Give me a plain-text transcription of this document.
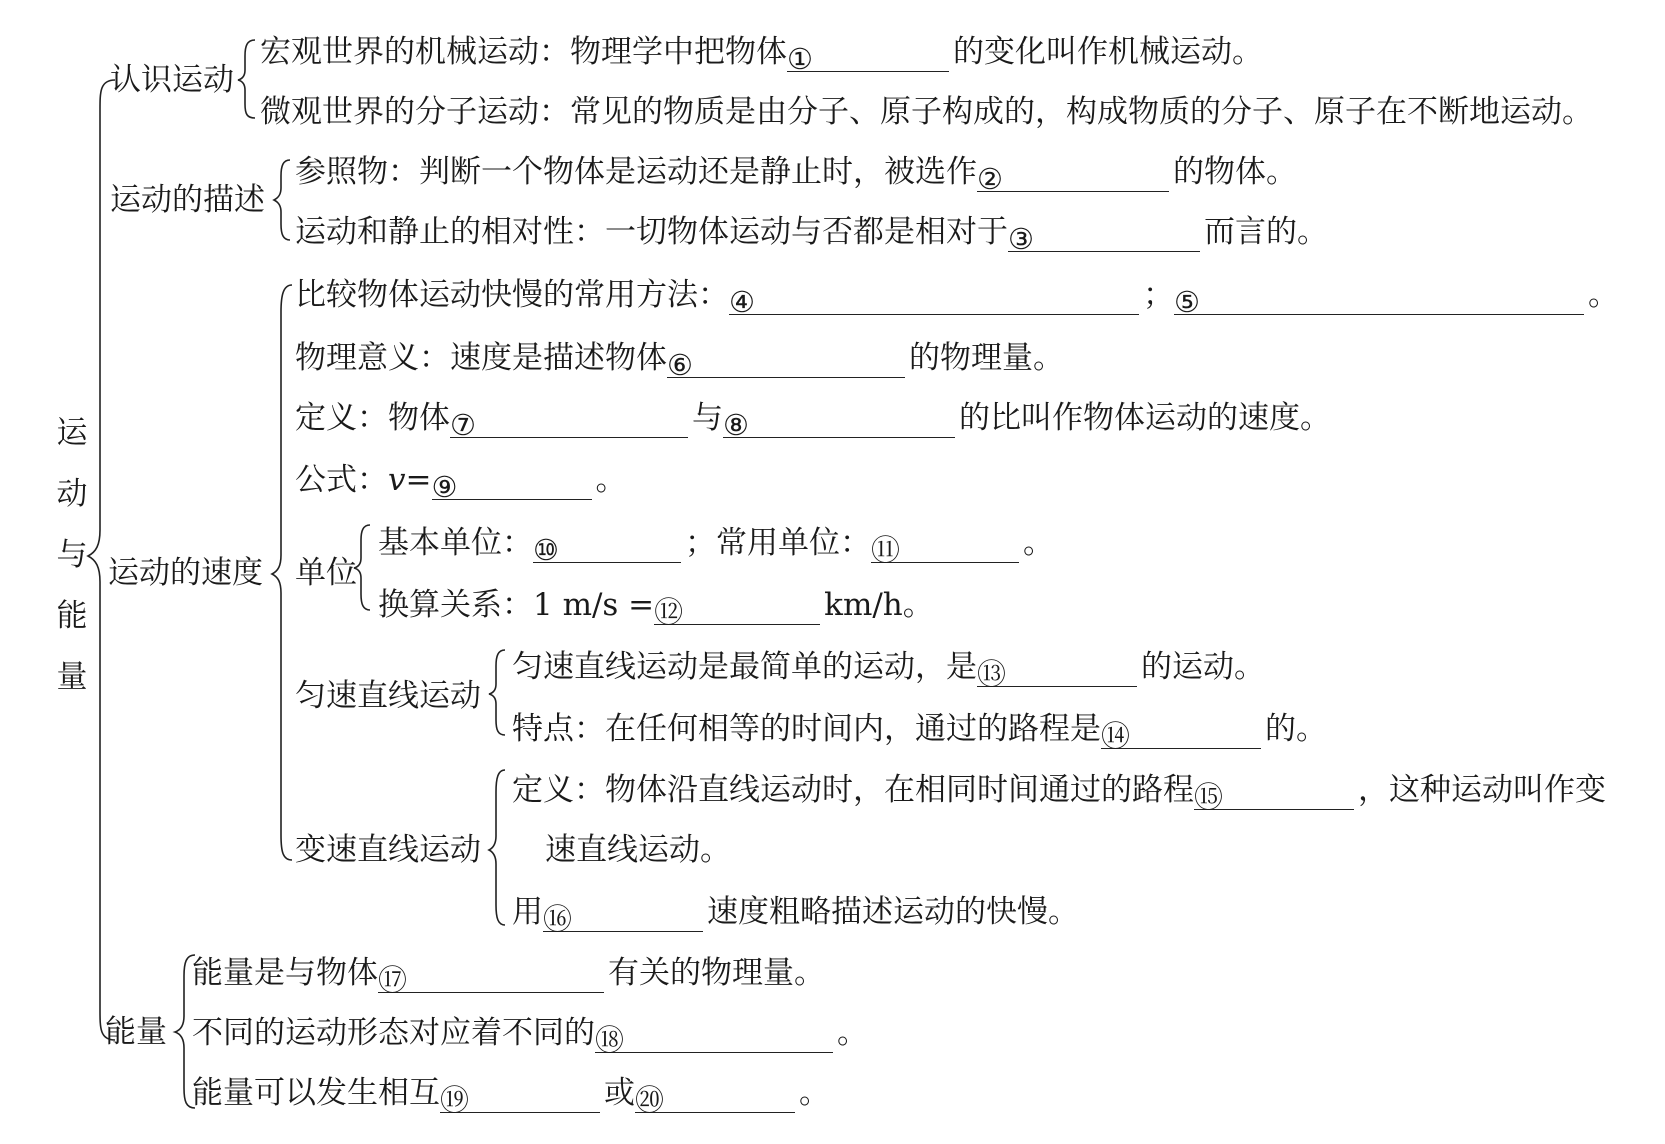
运
动
与
能
量
认识运动
宏观世界的机械运动：物理学中把物体①	的变化叫作机械运动。
微观世界的分子运动：常见的物质是由分子、原子构成的，构成物质的分子、原子在不断地运动。
运动的描述
参照物：判断一个物体是运动还是静止时，被选作②	的物体。
运动和静止的相对性：一切物体运动与否都是相对于③	而言的。
运动的速度
比较物体运动快慢的常用方法：④	；⑤	。
物理意义：速度是描述物体⑥	的物理量。
定义：物体⑦	与⑧	的比叫作物体运动的速度。
公式：v=⑨	。
单位
基本单位：⑩	；常用单位：⑪	。
换算关系：1 m/s =⑫	km/h。
匀速直线运动
匀速直线运动是最简单的运动，是⑬	的运动。
特点：在任何相等的时间内，通过的路程是⑭	的。
变速直线运动
定义：物体沿直线运动时，在相同时间通过的路程⑮	，这种运动叫作变
速直线运动。
用⑯	速度粗略描述运动的快慢。
能量
能量是与物体⑰	有关的物理量。
不同的运动形态对应着不同的⑱	。
能量可以发生相互⑲	或⑳	。
